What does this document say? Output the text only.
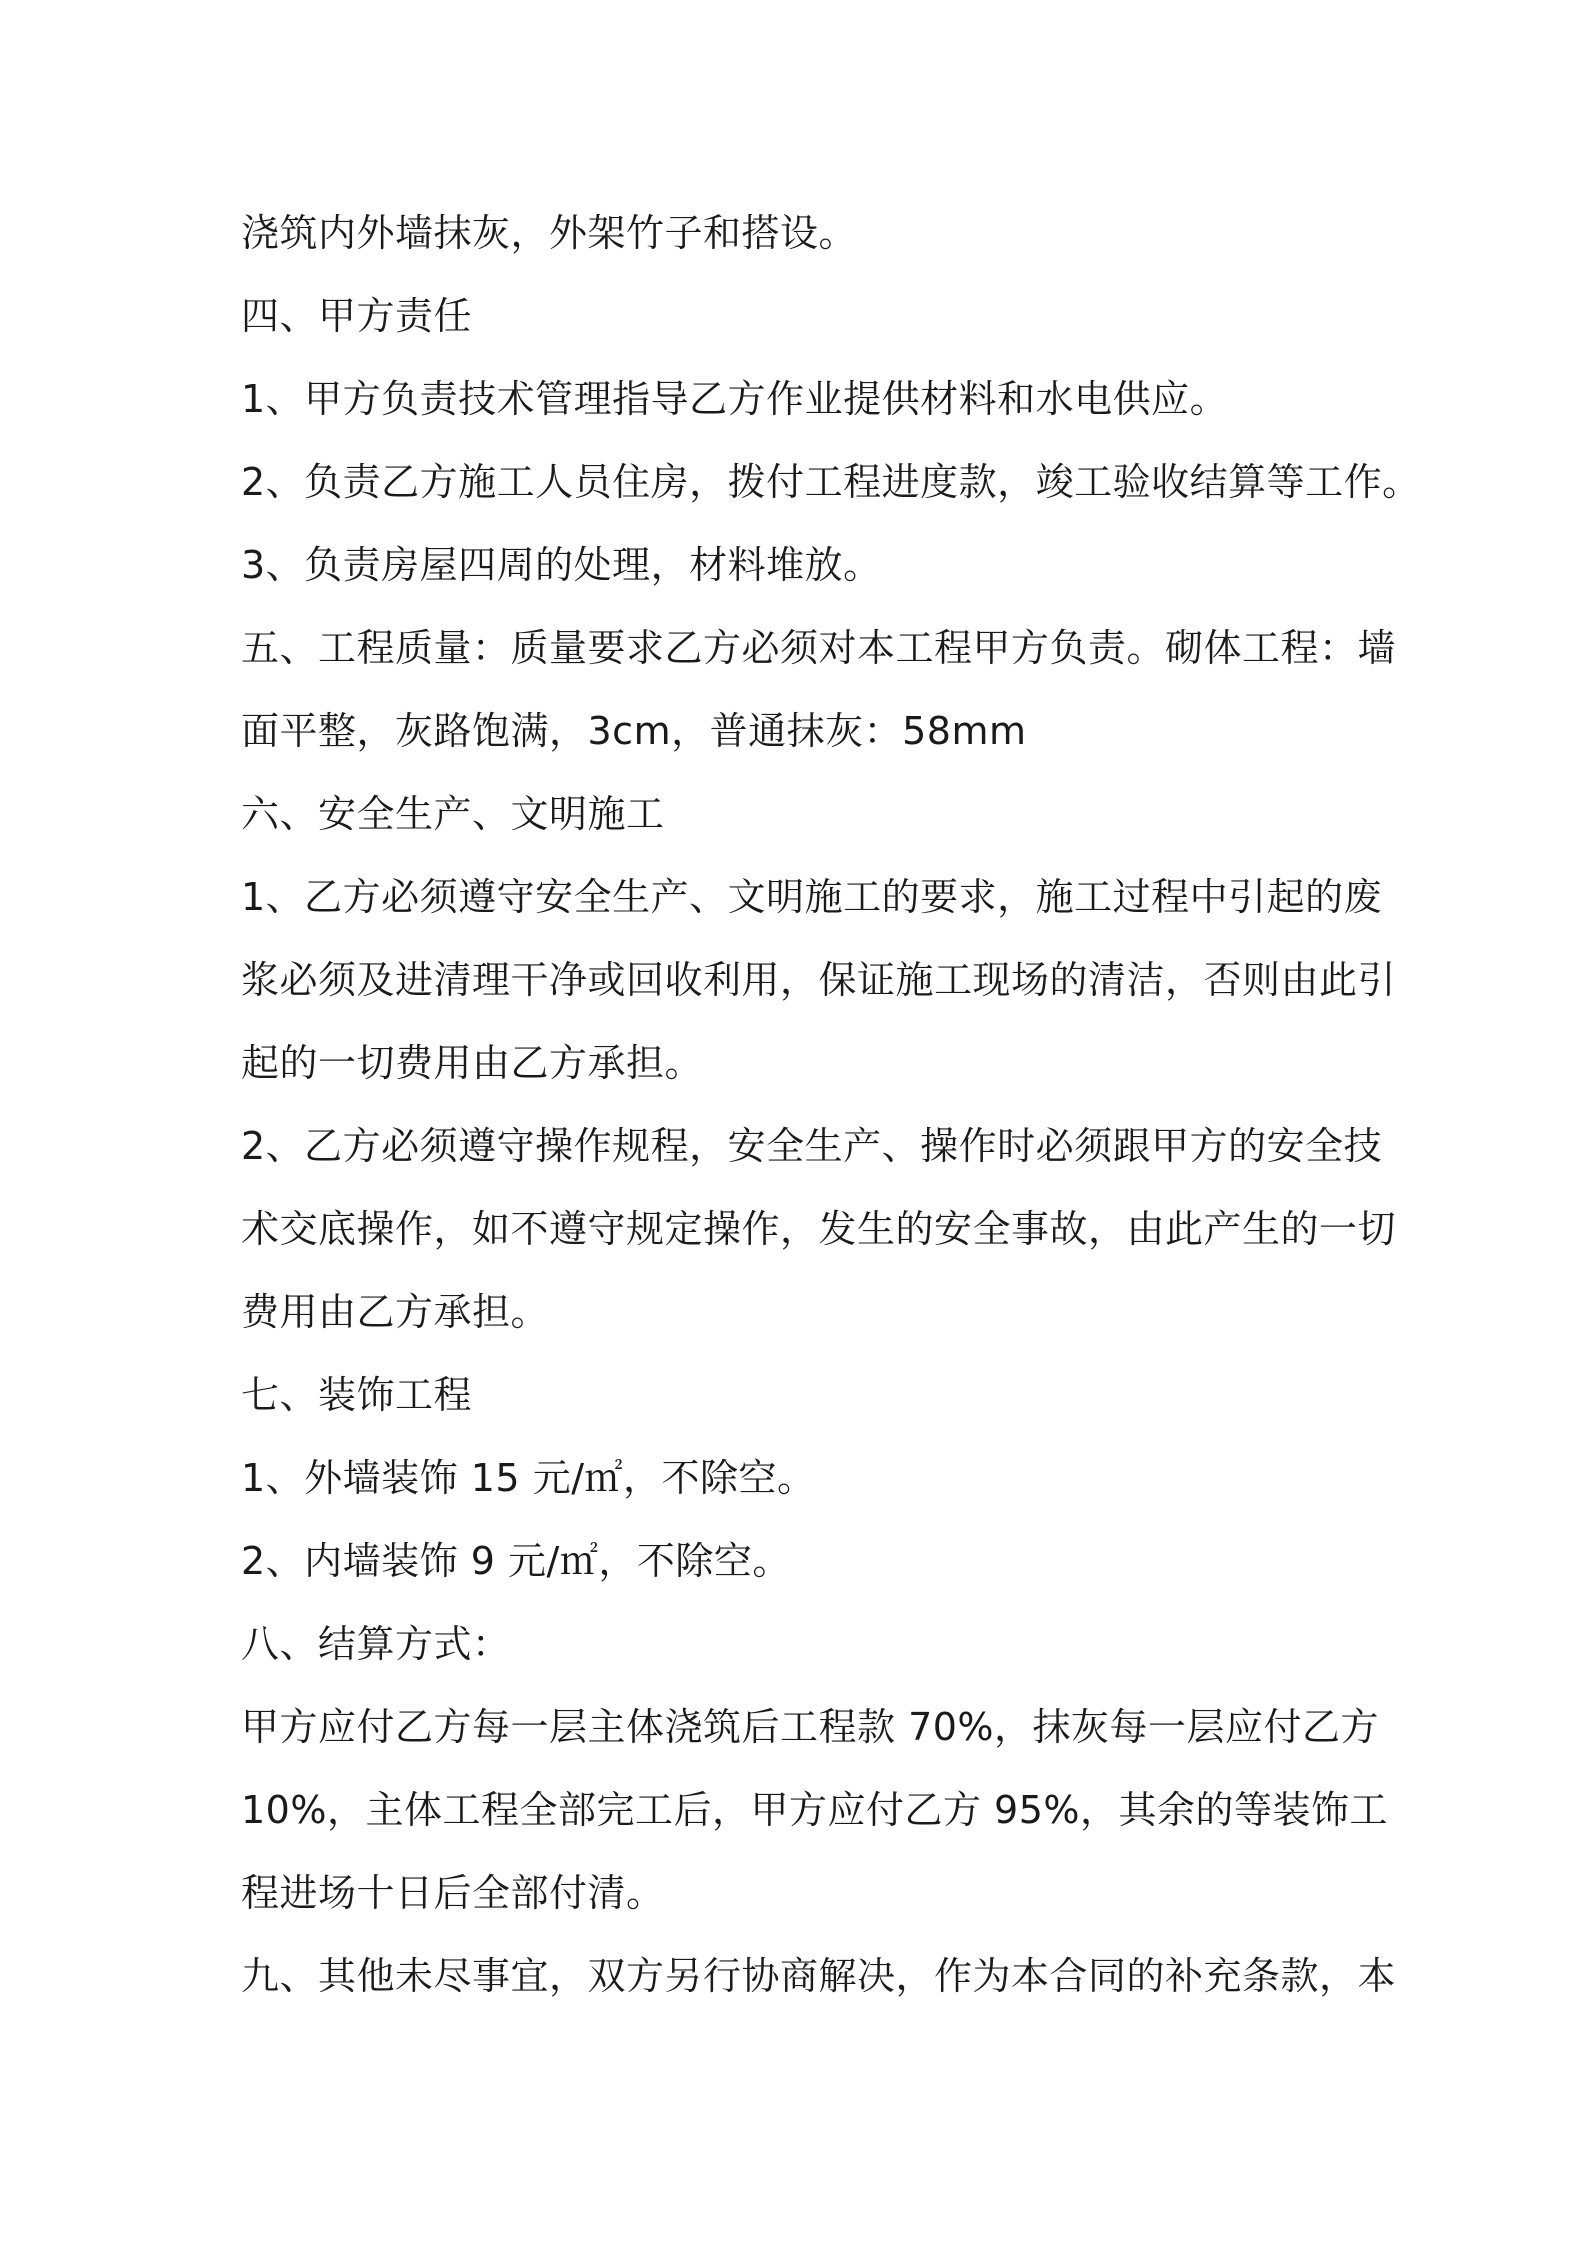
浇筑内外墙抹灰，外架竹子和搭设。
四、甲方责任
1、甲方负责技术管理指导乙方作业提供材料和水电供应。
2、负责乙方施工人员住房，拨付工程进度款，竣工验收结算等工作。
3、负责房屋四周的处理，材料堆放。
五、工程质量：质量要求乙方必须对本工程甲方负责。砌体工程：墙
面平整，灰路饱满，3cm，普通抹灰：58mm
六、安全生产、文明施工
1、乙方必须遵守安全生产、文明施工的要求，施工过程中引起的废
浆必须及进清理干净或回收利用，保证施工现场的清洁，否则由此引
起的一切费用由乙方承担。
2、乙方必须遵守操作规程，安全生产、操作时必须跟甲方的安全技
术交底操作，如不遵守规定操作，发生的安全事故，由此产生的一切
费用由乙方承担。
七、装饰工程
1、外墙装饰 15 元/㎡，不除空。
2、内墙装饰 9 元/㎡，不除空。
八、结算方式：
甲方应付乙方每一层主体浇筑后工程款 70%，抹灰每一层应付乙方
10%，主体工程全部完工后，甲方应付乙方 95%，其余的等装饰工
程进场十日后全部付清。
九、其他未尽事宜，双方另行协商解决，作为本合同的补充条款，本
